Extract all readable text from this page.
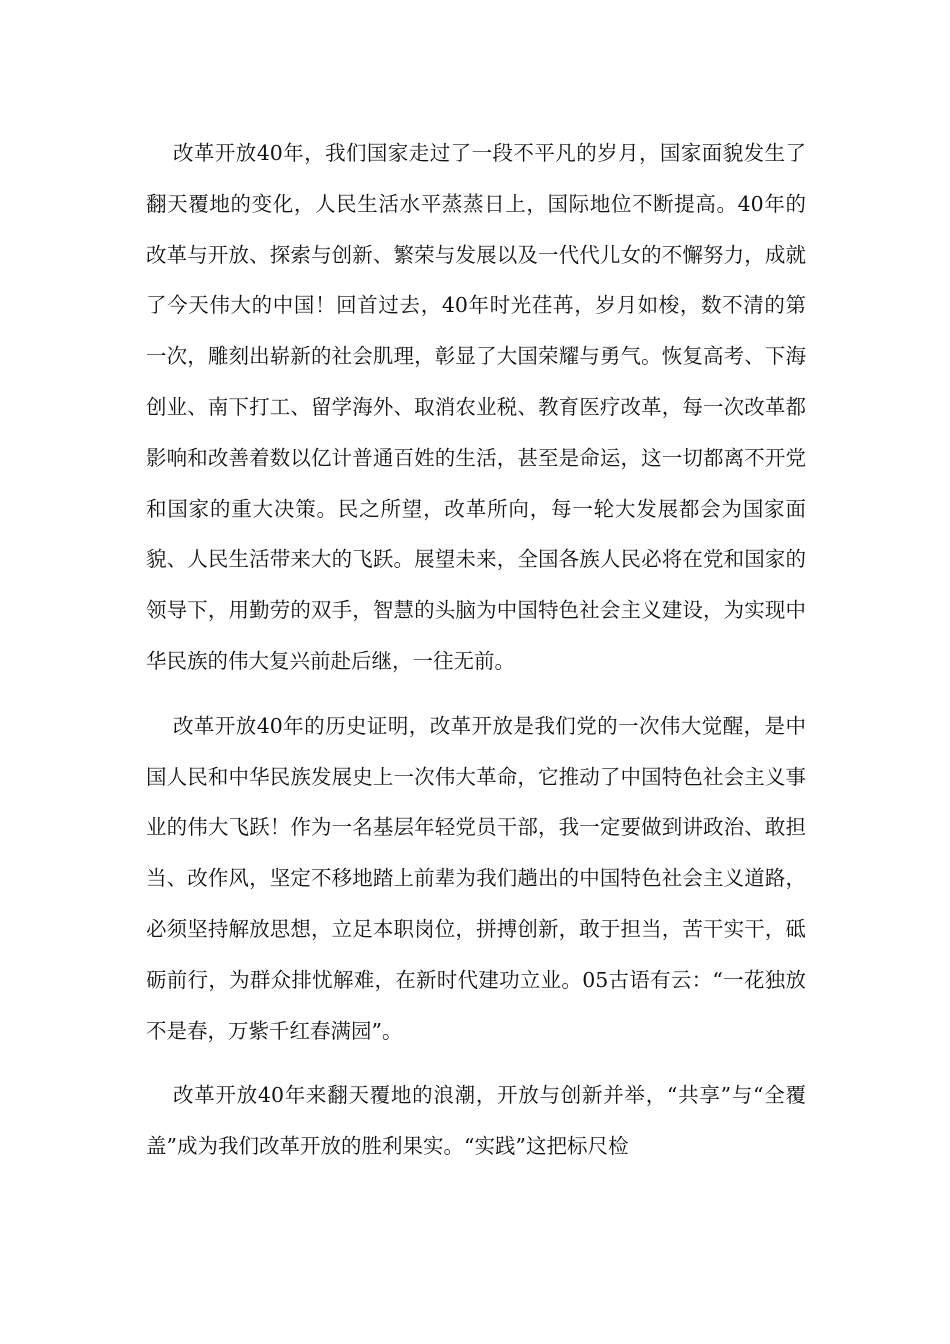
改革开放40年，我们国家走过了一段不平凡的岁月，国家面貌发生了翻天覆地的变化，人民生活水平蒸蒸日上，国际地位不断提高。40年的改革与开放、探索与创新、繁荣与发展以及一代代儿女的不懈努力，成就了今天伟大的中国！回首过去，40年时光荏苒，岁月如梭，数不清的第一次，雕刻出崭新的社会肌理，彰显了大国荣耀与勇气。恢复高考、下海创业、南下打工、留学海外、取消农业税、教育医疗改革，每一次改革都影响和改善着数以亿计普通百姓的生活，甚至是命运，这一切都离不开党和国家的重大决策。民之所望，改革所向，每一轮大发展都会为国家面貌、人民生活带来大的飞跃。展望未来，全国各族人民必将在党和国家的领导下，用勤劳的双手，智慧的头脑为中国特色社会主义建设，为实现中华民族的伟大复兴前赴后继，一往无前。

改革开放40年的历史证明，改革开放是我们党的一次伟大觉醒，是中国人民和中华民族发展史上一次伟大革命，它推动了中国特色社会主义事业的伟大飞跃！作为一名基层年轻党员干部，我一定要做到讲政治、敢担当、改作风，坚定不移地踏上前辈为我们趟出的中国特色社会主义道路，必须坚持解放思想，立足本职岗位，拼搏创新，敢于担当，苦干实干，砥砺前行，为群众排忧解难，在新时代建功立业。05古语有云：“一花独放不是春，万紫千红春满园”。

改革开放40年来翻天覆地的浪潮，开放与创新并举，“共享”与“全覆盖”成为我们改革开放的胜利果实。“实践”这把标尺检
